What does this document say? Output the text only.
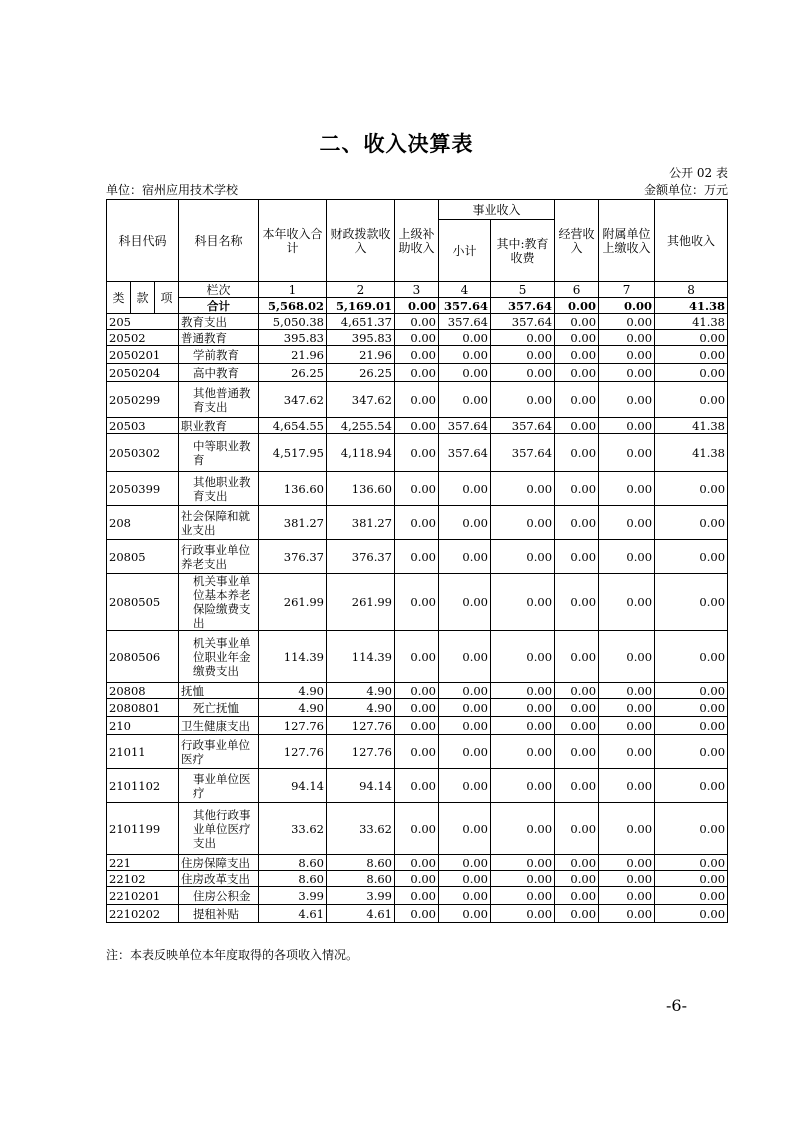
二、收入决算表
公开 02 表
单位：宿州应用技术学校	金额单位：万元
科目代码			科目名称	本年收入合计	财政拨款收入	上级补助收入	事业收入		经营收入	附属单位上缴收入	其他收入
							小计	其中:教育收费			
类	款	项	栏次	1	2	3	4	5	6	7	8
			合计	5,568.02	5,169.01	0.00	357.64	357.64	0.00	0.00	41.38
205			教育支出	5,050.38	4,651.37	0.00	357.64	357.64	0.00	0.00	41.38
20502			普通教育	395.83	395.83	0.00	0.00	0.00	0.00	0.00	0.00
2050201			学前教育	21.96	21.96	0.00	0.00	0.00	0.00	0.00	0.00
2050204			高中教育	26.25	26.25	0.00	0.00	0.00	0.00	0.00	0.00
2050299			其他普通教育支出	347.62	347.62	0.00	0.00	0.00	0.00	0.00	0.00
20503			职业教育	4,654.55	4,255.54	0.00	357.64	357.64	0.00	0.00	41.38
2050302			中等职业教育	4,517.95	4,118.94	0.00	357.64	357.64	0.00	0.00	41.38
2050399			其他职业教育支出	136.60	136.60	0.00	0.00	0.00	0.00	0.00	0.00
208			社会保障和就业支出	381.27	381.27	0.00	0.00	0.00	0.00	0.00	0.00
20805			行政事业单位养老支出	376.37	376.37	0.00	0.00	0.00	0.00	0.00	0.00
2080505			机关事业单位基本养老保险缴费支出	261.99	261.99	0.00	0.00	0.00	0.00	0.00	0.00
2080506			机关事业单位职业年金缴费支出	114.39	114.39	0.00	0.00	0.00	0.00	0.00	0.00
20808			抚恤	4.90	4.90	0.00	0.00	0.00	0.00	0.00	0.00
2080801			死亡抚恤	4.90	4.90	0.00	0.00	0.00	0.00	0.00	0.00
210			卫生健康支出	127.76	127.76	0.00	0.00	0.00	0.00	0.00	0.00
21011			行政事业单位医疗	127.76	127.76	0.00	0.00	0.00	0.00	0.00	0.00
2101102			事业单位医疗	94.14	94.14	0.00	0.00	0.00	0.00	0.00	0.00
2101199			其他行政事业单位医疗支出	33.62	33.62	0.00	0.00	0.00	0.00	0.00	0.00
221			住房保障支出	8.60	8.60	0.00	0.00	0.00	0.00	0.00	0.00
22102			住房改革支出	8.60	8.60	0.00	0.00	0.00	0.00	0.00	0.00
2210201			住房公积金	3.99	3.99	0.00	0.00	0.00	0.00	0.00	0.00
2210202			提租补贴	4.61	4.61	0.00	0.00	0.00	0.00	0.00	0.00
注：本表反映单位本年度取得的各项收入情况。
-6-
